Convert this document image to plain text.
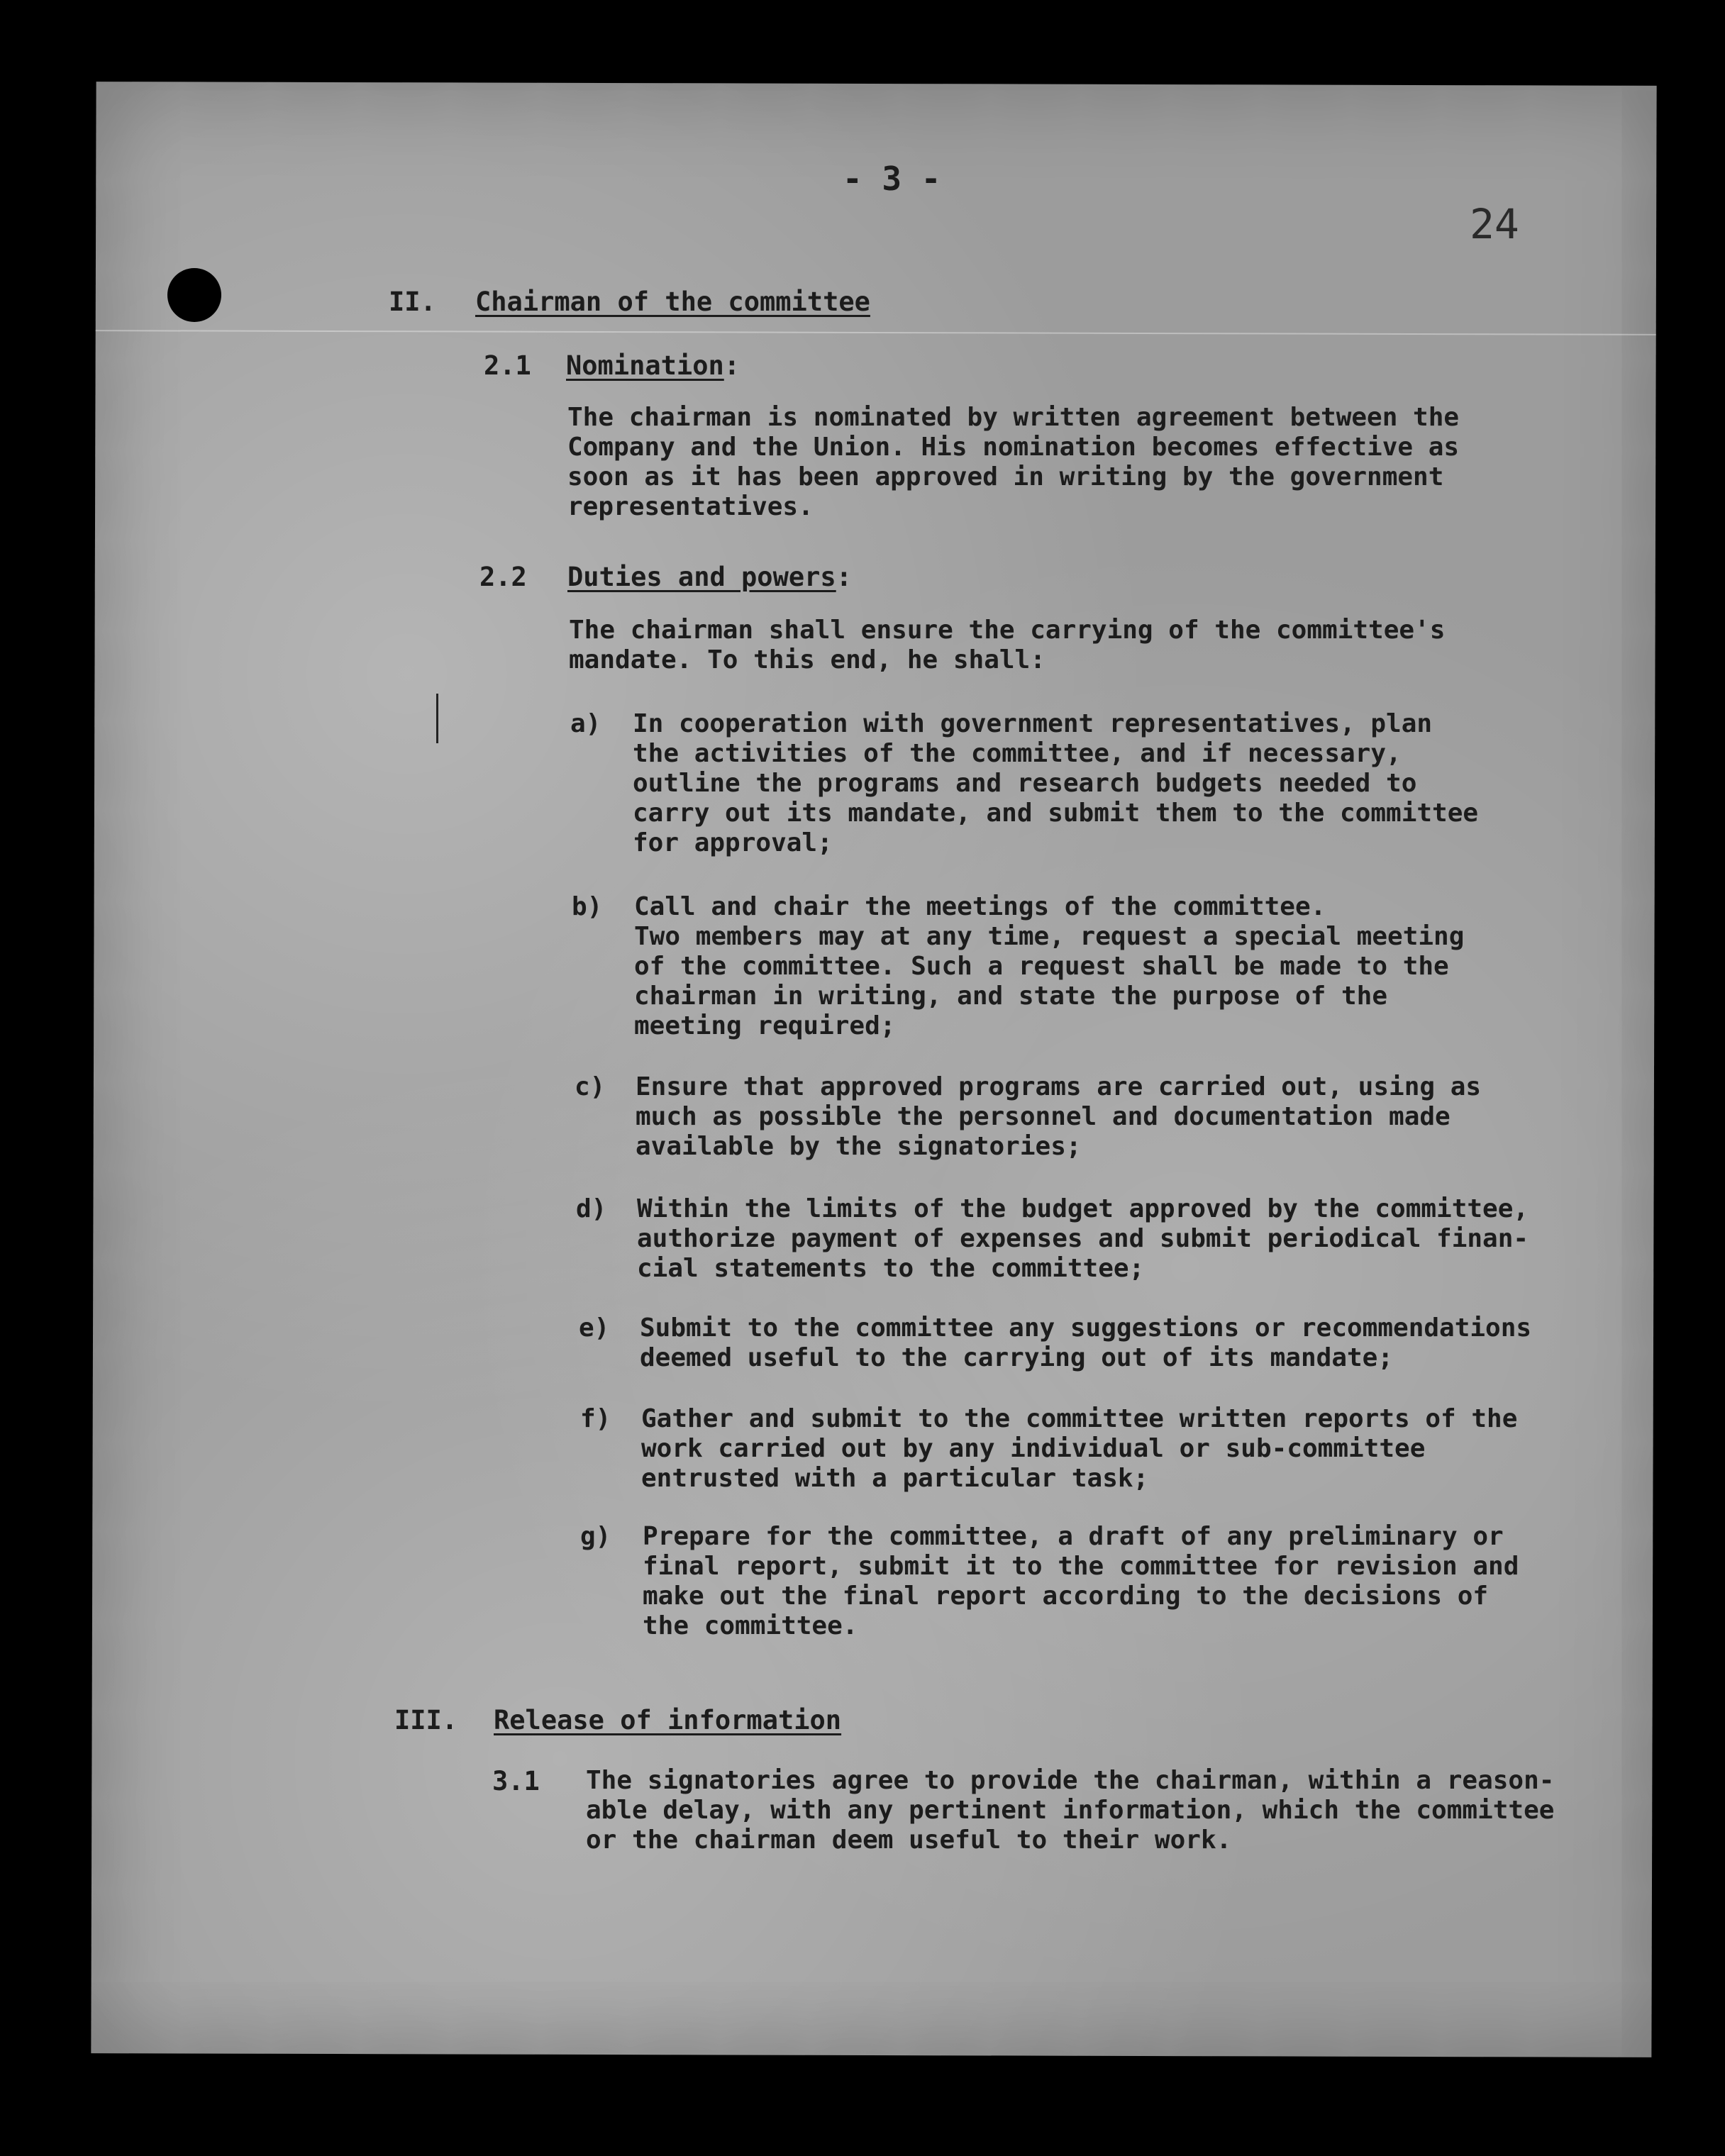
- 3 -
24
II. Chairman of the committee
2.1 Nomination:
The chairman is nominated by written agreement between the
Company and the Union. His nomination becomes effective as
soon as it has been approved in writing by the government
representatives.
2.2 Duties and powers:
The chairman shall ensure the carrying of the committee's
mandate. To this end, he shall:
a) In cooperation with government representatives, plan
the activities of the committee, and if necessary,
outline the programs and research budgets needed to
carry out its mandate, and submit them to the committee
for approval;
b) Call and chair the meetings of the committee.
Two members may at any time, request a special meeting
of the committee. Such a request shall be made to the
chairman in writing, and state the purpose of the
meeting required;
c) Ensure that approved programs are carried out, using as
much as possible the personnel and documentation made
available by the signatories;
d) Within the limits of the budget approved by the committee,
authorize payment of expenses and submit periodical finan-
cial statements to the committee;
e) Submit to the committee any suggestions or recommendations
deemed useful to the carrying out of its mandate;
f) Gather and submit to the committee written reports of the
work carried out by any individual or sub-committee
entrusted with a particular task;
g) Prepare for the committee, a draft of any preliminary or
final report, submit it to the committee for revision and
make out the final report according to the decisions of
the committee.
III. Release of information
3.1 The signatories agree to provide the chairman, within a reason-
able delay, with any pertinent information, which the committee
or the chairman deem useful to their work.
